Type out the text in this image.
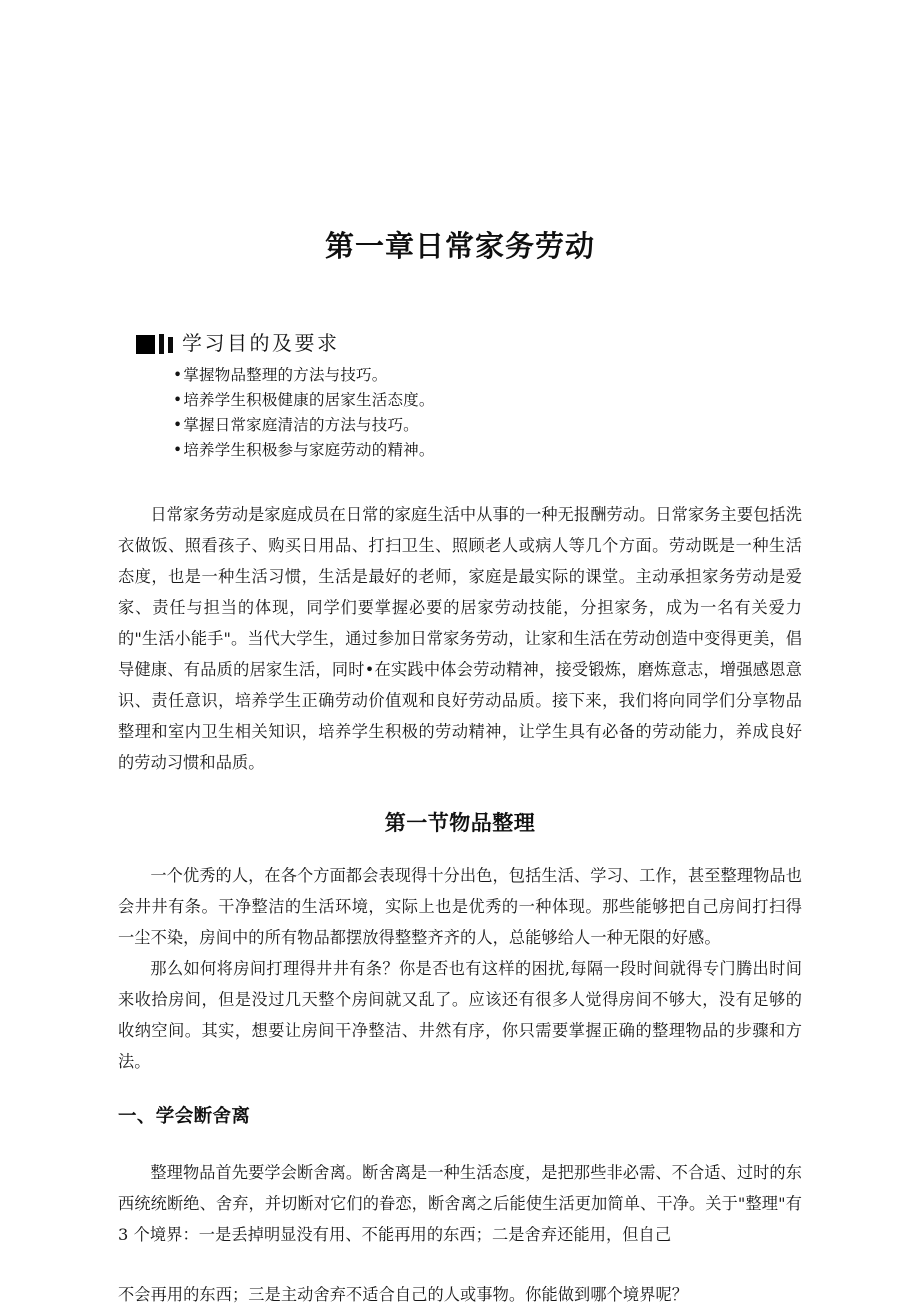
第一章日常家务劳动
学习目的及要求
•掌握物品整理的方法与技巧。
•培养学生积极健康的居家生活态度。
•掌握日常家庭清洁的方法与技巧。
•培养学生积极参与家庭劳动的精神。

日常家务劳动是家庭成员在日常的家庭生活中从事的一种无报酬劳动。日常家务主要包括洗衣做饭、照看孩子、购买日用品、打扫卫生、照顾老人或病人等几个方面。劳动既是一种生活态度，也是一种生活习惯，生活是最好的老师，家庭是最实际的课堂。主动承担家务劳动是爱家、责任与担当的体现，同学们要掌握必要的居家劳动技能，分担家务，成为一名有关爱力的"生活小能手"。当代大学生，通过参加日常家务劳动，让家和生活在劳动创造中变得更美，倡导健康、有品质的居家生活，同时•在实践中体会劳动精神，接受锻炼，磨炼意志，增强感恩意识、责任意识，培养学生正确劳动价值观和良好劳动品质。接下来，我们将向同学们分享物品整理和室内卫生相关知识，培养学生积极的劳动精神，让学生具有必备的劳动能力，养成良好的劳动习惯和品质。

第一节物品整理

一个优秀的人，在各个方面都会表现得十分出色，包括生活、学习、工作，甚至整理物品也会井井有条。干净整洁的生活环境，实际上也是优秀的一种体现。那些能够把自己房间打扫得一尘不染，房间中的所有物品都摆放得整整齐齐的人，总能够给人一种无限的好感。

那么如何将房间打理得井井有条？你是否也有这样的困扰,每隔一段时间就得专门腾出时间来收拾房间，但是没过几天整个房间就又乱了。应该还有很多人觉得房间不够大，没有足够的收纳空间。其实，想要让房间干净整洁、井然有序，你只需要掌握正确的整理物品的步骤和方法。

一、学会断舍离

整理物品首先要学会断舍离。断舍离是一种生活态度，是把那些非必需、不合适、过时的东西统统断绝、舍弃，并切断对它们的眷恋，断舍离之后能使生活更加简单、干净。关于"整理"有 3 个境界：一是丢掉明显没有用、不能再用的东西；二是舍弃还能用，但自己

不会再用的东西；三是主动舍弃不适合自己的人或事物。你能做到哪个境界呢？
